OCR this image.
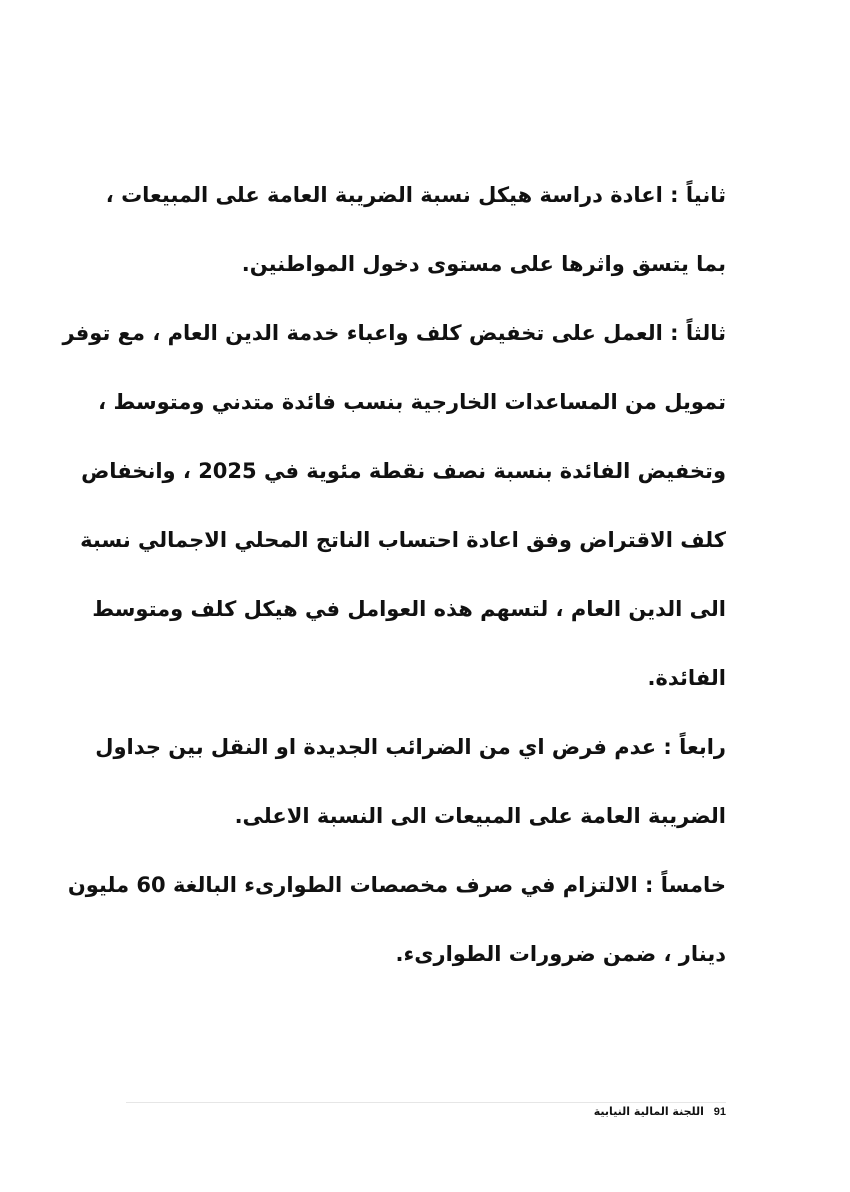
ثانياً : اعادة دراسة هيكل نسبة الضريبة العامة على المبيعات ،
بما يتسق واثرها على مستوى دخول المواطنين.
ثالثاً : العمل على تخفيض كلف واعباء خدمة الدين العام ، مع توفر
تمويل من المساعدات الخارجية بنسب فائدة متدني ومتوسط ،
وتخفيض الفائدة بنسبة نصف نقطة مئوية في 2025 ، وانخفاض
كلف الاقتراض وفق اعادة احتساب الناتج المحلي الاجمالي نسبة
الى الدين العام ، لتسهم هذه العوامل في هيكل كلف ومتوسط
الفائدة.
رابعاً : عدم فرض اي من الضرائب الجديدة او النقل بين جداول
الضريبة العامة على المبيعات الى النسبة الاعلى.
خامساً : الالتزام في صرف مخصصات الطوارىء البالغة 60 مليون
دينار ، ضمن ضرورات الطوارىء.
91 اللجنة المالية النيابية
